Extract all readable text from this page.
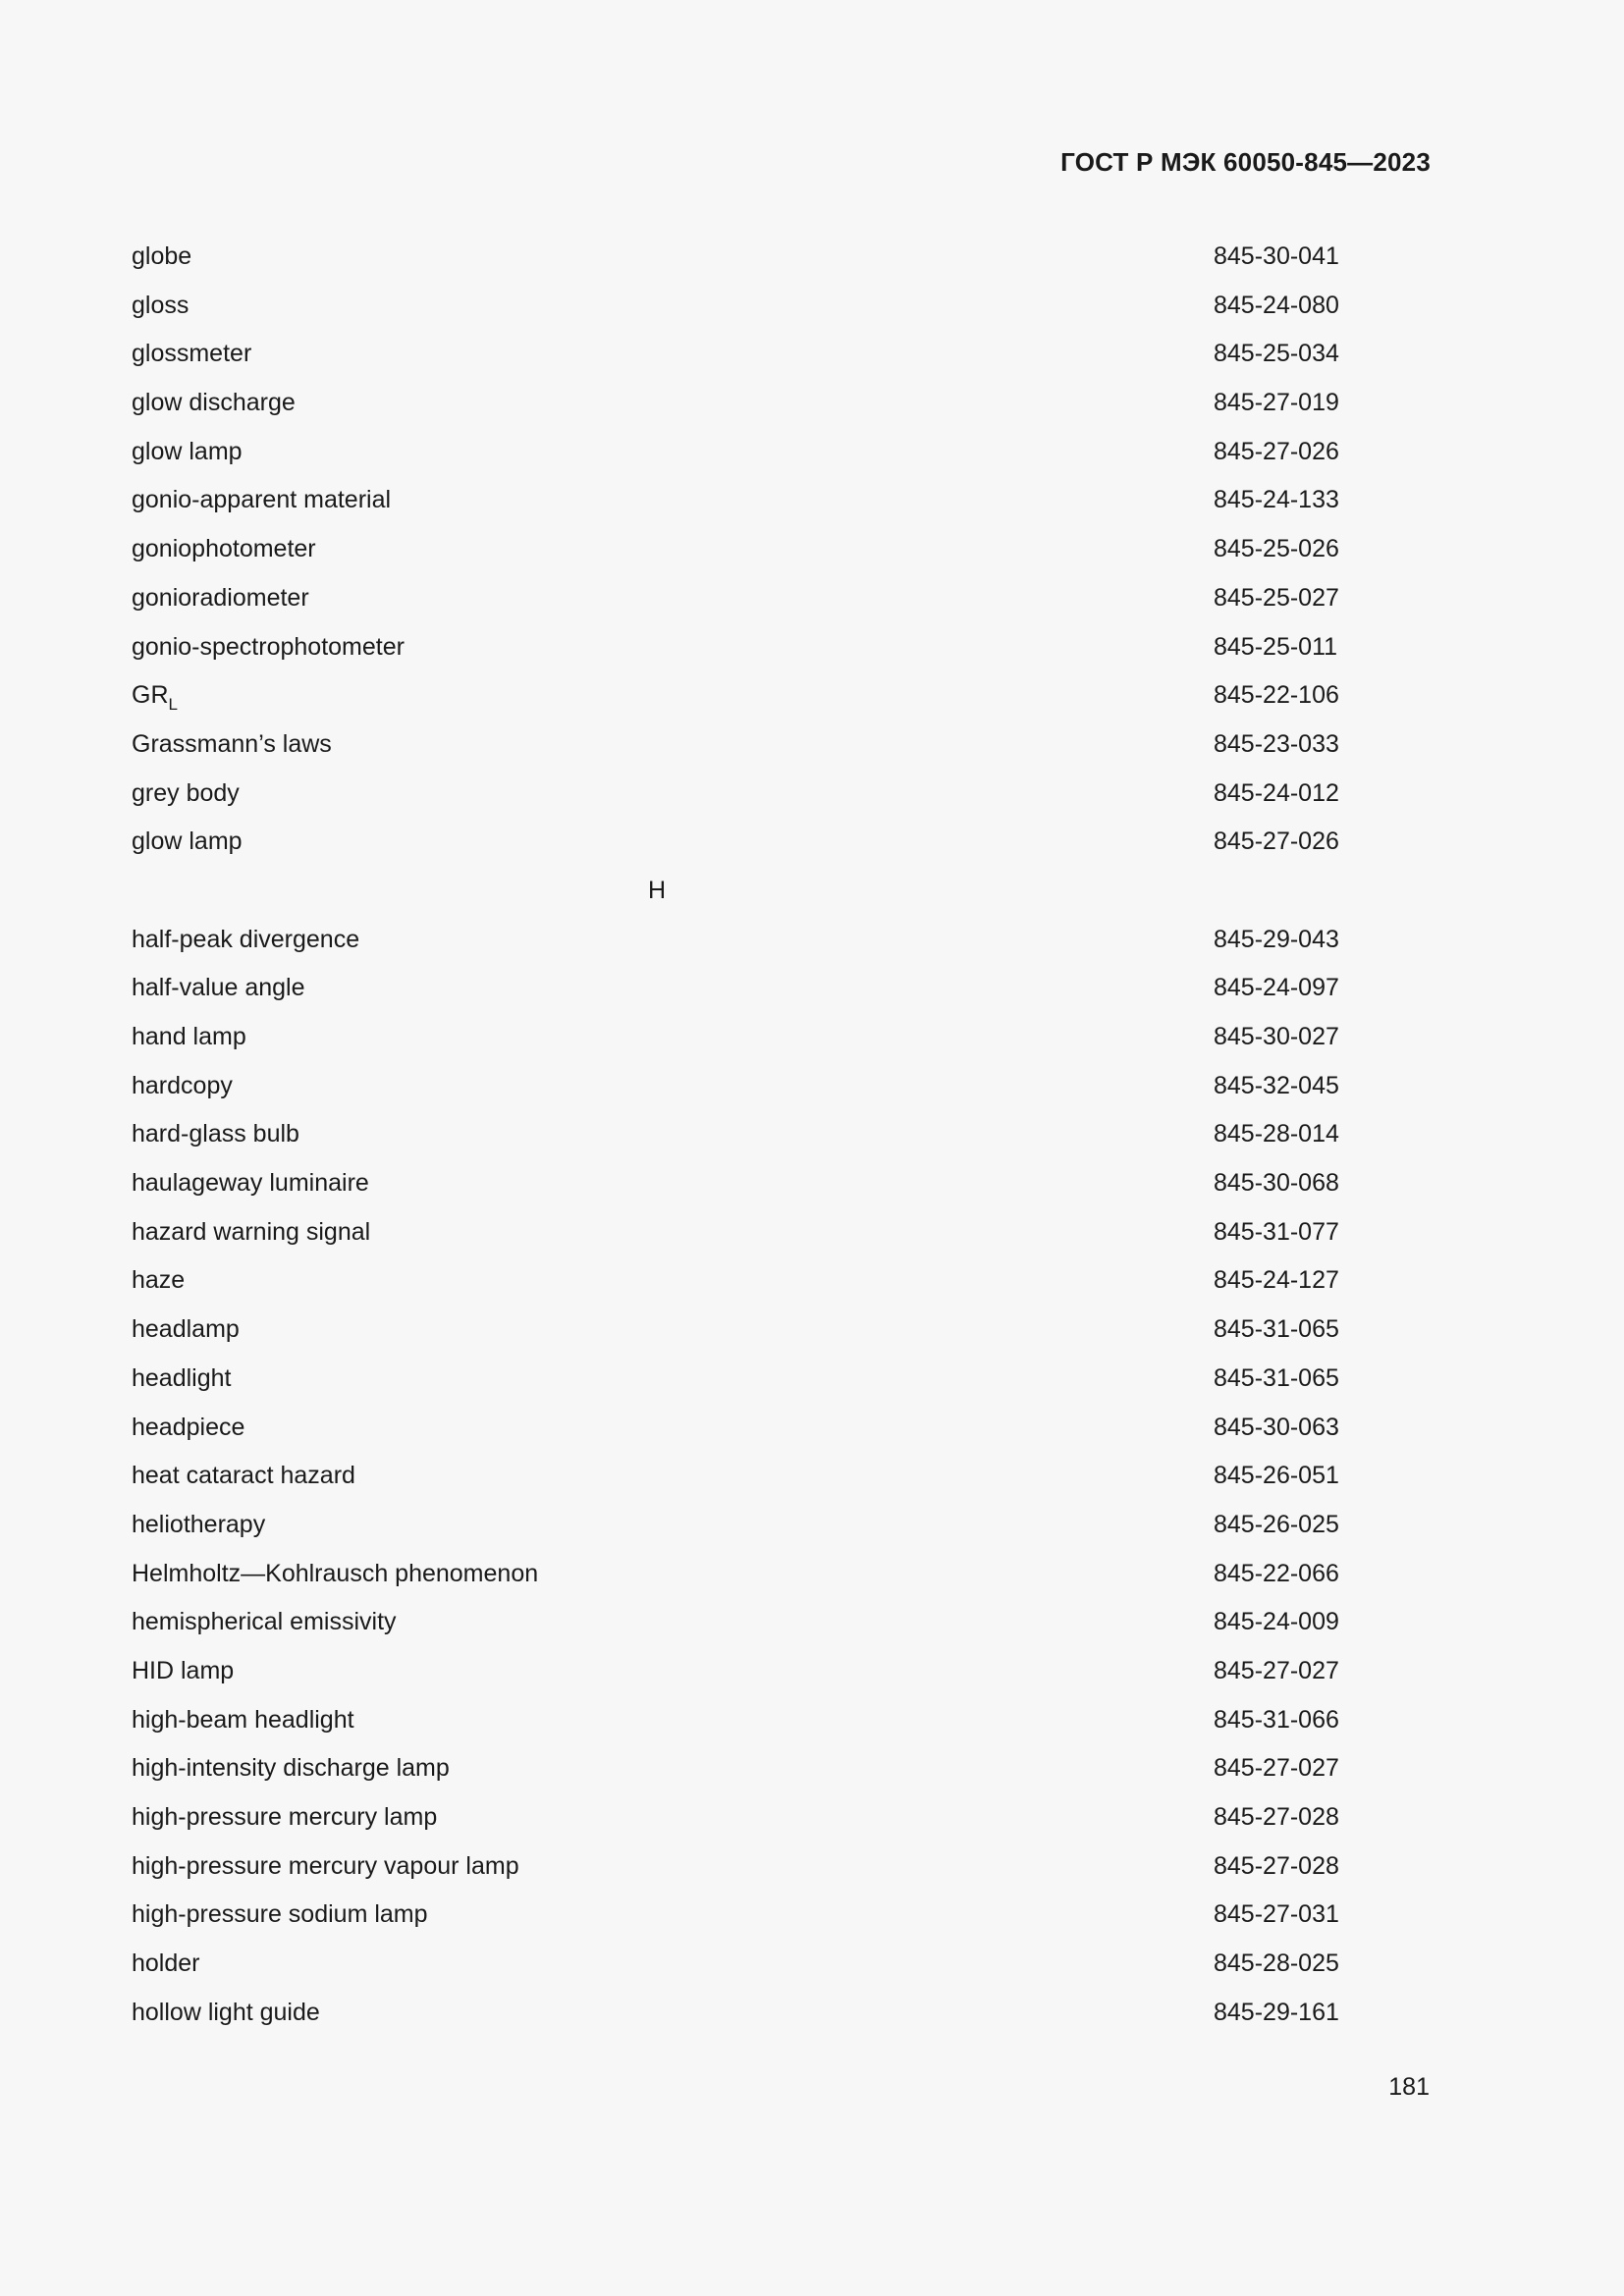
ГОСТ Р МЭК 60050-845—2023
globe	845-30-041
gloss	845-24-080
glossmeter	845-25-034
glow discharge	845-27-019
glow lamp	845-27-026
gonio-apparent material	845-24-133
goniophotometer	845-25-026
gonioradiometer	845-25-027
gonio-spectrophotometer	845-25-011
$GR_L$	845-22-106
Grassmann’s laws	845-23-033
grey body	845-24-012
glow lamp	845-27-026
H
half-peak divergence	845-29-043
half-value angle	845-24-097
hand lamp	845-30-027
hardcopy	845-32-045
hard-glass bulb	845-28-014
haulageway luminaire	845-30-068
hazard warning signal	845-31-077
haze	845-24-127
headlamp	845-31-065
headlight	845-31-065
headpiece	845-30-063
heat cataract hazard	845-26-051
heliotherapy	845-26-025
Helmholtz—Kohlrausch phenomenon	845-22-066
hemispherical emissivity	845-24-009
HID lamp	845-27-027
high-beam headlight	845-31-066
high-intensity discharge lamp	845-27-027
high-pressure mercury lamp	845-27-028
high-pressure mercury vapour lamp	845-27-028
high-pressure sodium lamp	845-27-031
holder	845-28-025
hollow light guide	845-29-161
181
